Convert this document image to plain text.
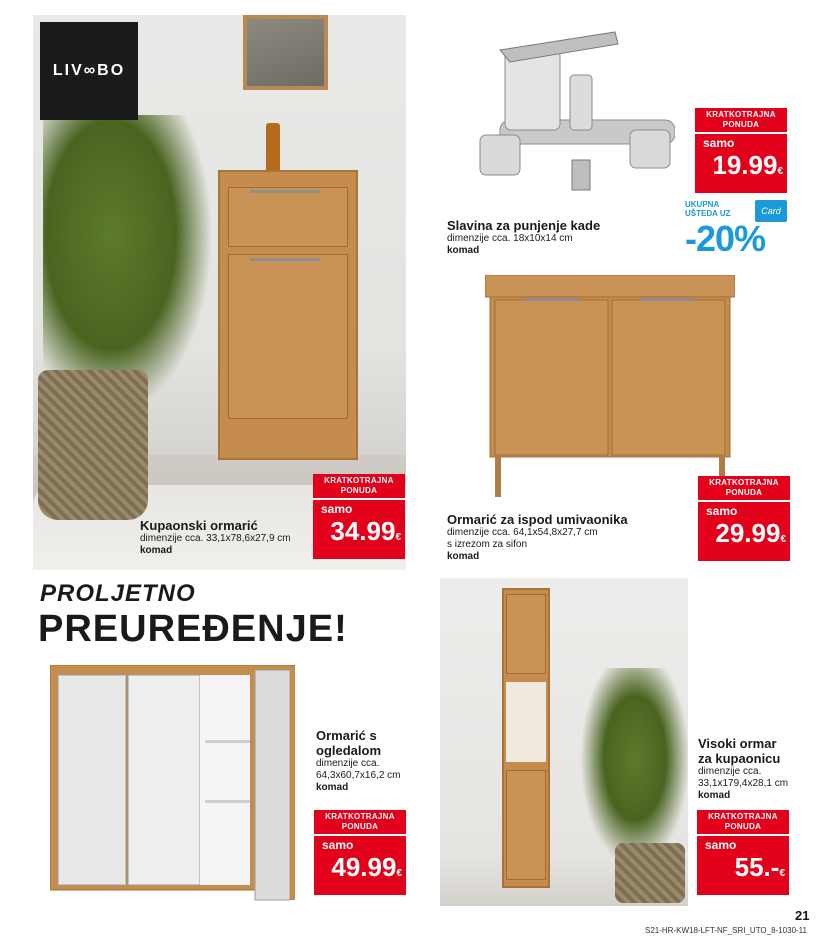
LIV∞BO
KRATKOTRAJNA PONUDA
samo
19.99€
UKUPNA
UŠTEDA UZ	Card
-20%
Slavina za punjenje kade
dimenzije cca. 18x10x14 cm
komad
KRATKOTRAJNA PONUDA
samo
29.99€
Ormarić za ispod umivaonika
dimenzije cca. 64,1x54,8x27,7 cm
s izrezom za sifon
komad
Kupaonski ormarić
dimenzije cca. 33,1x78,6x27,9 cm
komad
KRATKOTRAJNA PONUDA
samo
34.99€
PROLJETNO
PREUREĐENJE!
Ormarić s
ogledalom
dimenzije cca.
64,3x60,7x16,2 cm
komad
KRATKOTRAJNA PONUDA
samo
49.99€
Visoki ormar
za kupaonicu
dimenzije cca.
33,1x179,4x28,1 cm
komad
KRATKOTRAJNA PONUDA
samo
55.-€
21
S21-HR-KW18-LFT-NF_SRI_UTO_8-1030-11
